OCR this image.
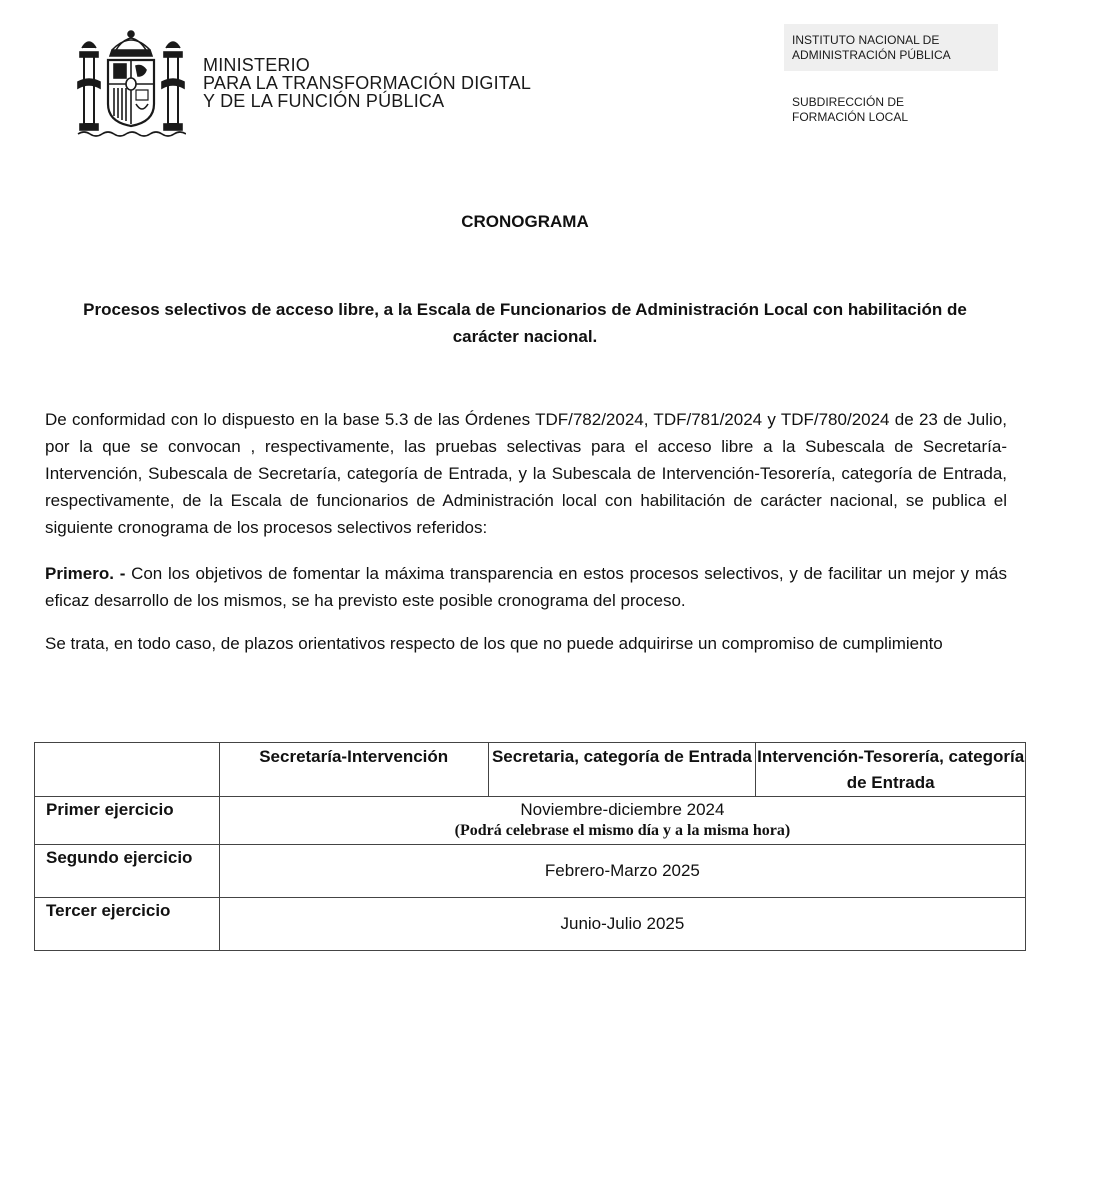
MINISTERIO
PARA LA TRANSFORMACIÓN DIGITAL
Y DE LA FUNCIÓN PÚBLICA
INSTITUTO NACIONAL DE
ADMINISTRACIÓN PÚBLICA
SUBDIRECCIÓN DE
FORMACIÓN LOCAL
CRONOGRAMA
Procesos selectivos de acceso libre, a la Escala de Funcionarios de Administración Local con habilitación de carácter nacional.
De conformidad con lo dispuesto en la base 5.3 de las Órdenes TDF/782/2024, TDF/781/2024 y TDF/780/2024 de 23 de Julio, por la que se convocan , respectivamente, las pruebas selectivas para el acceso libre a la Subescala de Secretaría-Intervención, Subescala de Secretaría, categoría de Entrada, y la Subescala de Intervención-Tesorería, categoría de Entrada, respectivamente, de la Escala de funcionarios de Administración local con habilitación de carácter nacional, se publica el siguiente cronograma de los procesos selectivos referidos:
Primero. - Con los objetivos de fomentar la máxima transparencia en estos procesos selectivos, y de facilitar un mejor y más eficaz desarrollo de los mismos, se ha previsto este posible cronograma del proceso.
Se trata, en todo caso, de plazos orientativos respecto de los que no puede adquirirse un compromiso de cumplimiento
	Secretaría-Intervención	Secretaria, categoría de Entrada	Intervención-Tesorería, categoría de Entrada
Primer ejercicio	Noviembre-diciembre 2024
(Podrá celebrase el mismo día y a la misma hora)		

Segundo ejercicio	Febrero-Marzo 2025		
Tercer ejercicio	Junio-Julio 2025		
